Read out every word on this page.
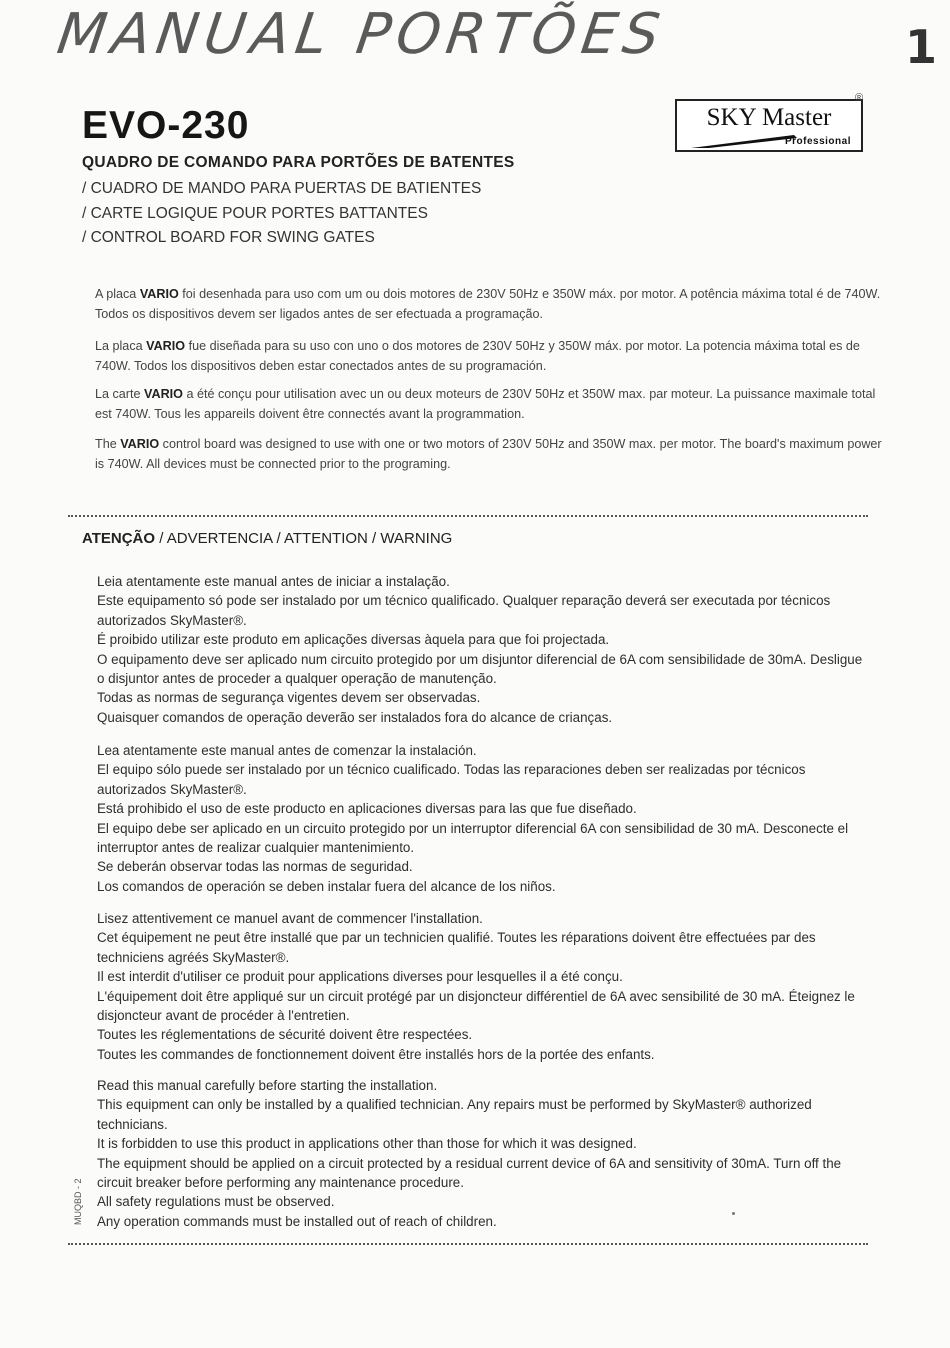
MANUAL PORTÕES	1
EVO-230	SKY Master
Professional
®
QUADRO DE COMANDO PARA PORTÕES DE BATENTES
/ CUADRO DE MANDO PARA PUERTAS DE BATIENTES
/ CARTE LOGIQUE POUR PORTES BATTANTES
/ CONTROL BOARD FOR SWING GATES

A placa VARIO foi desenhada para uso com um ou dois motores de 230V 50Hz e 350W máx. por motor. A potência máxima total é de 740W. Todos os dispositivos devem ser ligados antes de ser efectuada a programação.

La placa VARIO fue diseñada para su uso con uno o dos motores de 230V 50Hz y 350W máx. por motor. La potencia máxima total es de 740W. Todos los dispositivos deben estar conectados antes de su programación.

La carte VARIO a été conçu pour utilisation avec un ou deux moteurs de 230V 50Hz et 350W max. par moteur. La puissance maximale total est 740W. Tous les appareils doivent être connectés avant la programmation.

The VARIO control board was designed to use with one or two motors of 230V 50Hz and 350W max. per motor. The board's maximum power is 740W. All devices must be connected prior to the programing.

ATENÇÃO / ADVERTENCIA / ATTENTION / WARNING
Leia atentamente este manual antes de iniciar a instalação.
Este equipamento só pode ser instalado por um técnico qualificado. Qualquer reparação deverá ser executada por técnicos autorizados SkyMaster®.
É proibido utilizar este produto em aplicações diversas àquela para que foi projectada.
O equipamento deve ser aplicado num circuito protegido por um disjuntor diferencial de 6A com sensibilidade de 30mA. Desligue o disjuntor antes de proceder a qualquer operação de manutenção.
Todas as normas de segurança vigentes devem ser observadas.
Quaisquer comandos de operação deverão ser instalados fora do alcance de crianças.
Lea atentamente este manual antes de comenzar la instalación.
El equipo sólo puede ser instalado por un técnico cualificado. Todas las reparaciones deben ser realizadas por técnicos autorizados SkyMaster®.
Está prohibido el uso de este producto en aplicaciones diversas para las que fue diseñado.
El equipo debe ser aplicado en un circuito protegido por un interruptor diferencial 6A con sensibilidad de 30 mA. Desconecte el interruptor antes de realizar cualquier mantenimiento.
Se deberán observar todas las normas de seguridad.
Los comandos de operación se deben instalar fuera del alcance de los niños.
Lisez attentivement ce manuel avant de commencer l'installation.
Cet équipement ne peut être installé que par un technicien qualifié. Toutes les réparations doivent être effectuées par des techniciens agréés SkyMaster®.
Il est interdit d'utiliser ce produit pour applications diverses pour lesquelles il a été conçu.
L'équipement doit être appliqué sur un circuit protégé par un disjoncteur différentiel de 6A avec sensibilité de 30 mA. Éteignez le disjoncteur avant de procéder à l'entretien.
Toutes les réglementations de sécurité doivent être respectées.
Toutes les commandes de fonctionnement doivent être installés hors de la portée des enfants.
Read this manual carefully before starting the installation.
This equipment can only be installed by a qualified technician. Any repairs must be performed by SkyMaster® authorized technicians.
It is forbidden to use this product in applications other than those for which it was designed.
The equipment should be applied on a circuit protected by a residual current device of 6A and sensitivity of 30mA. Turn off the circuit breaker before performing any maintenance procedure.
All safety regulations must be observed.
Any operation commands must be installed out of reach of children.
MUQBD - 2
